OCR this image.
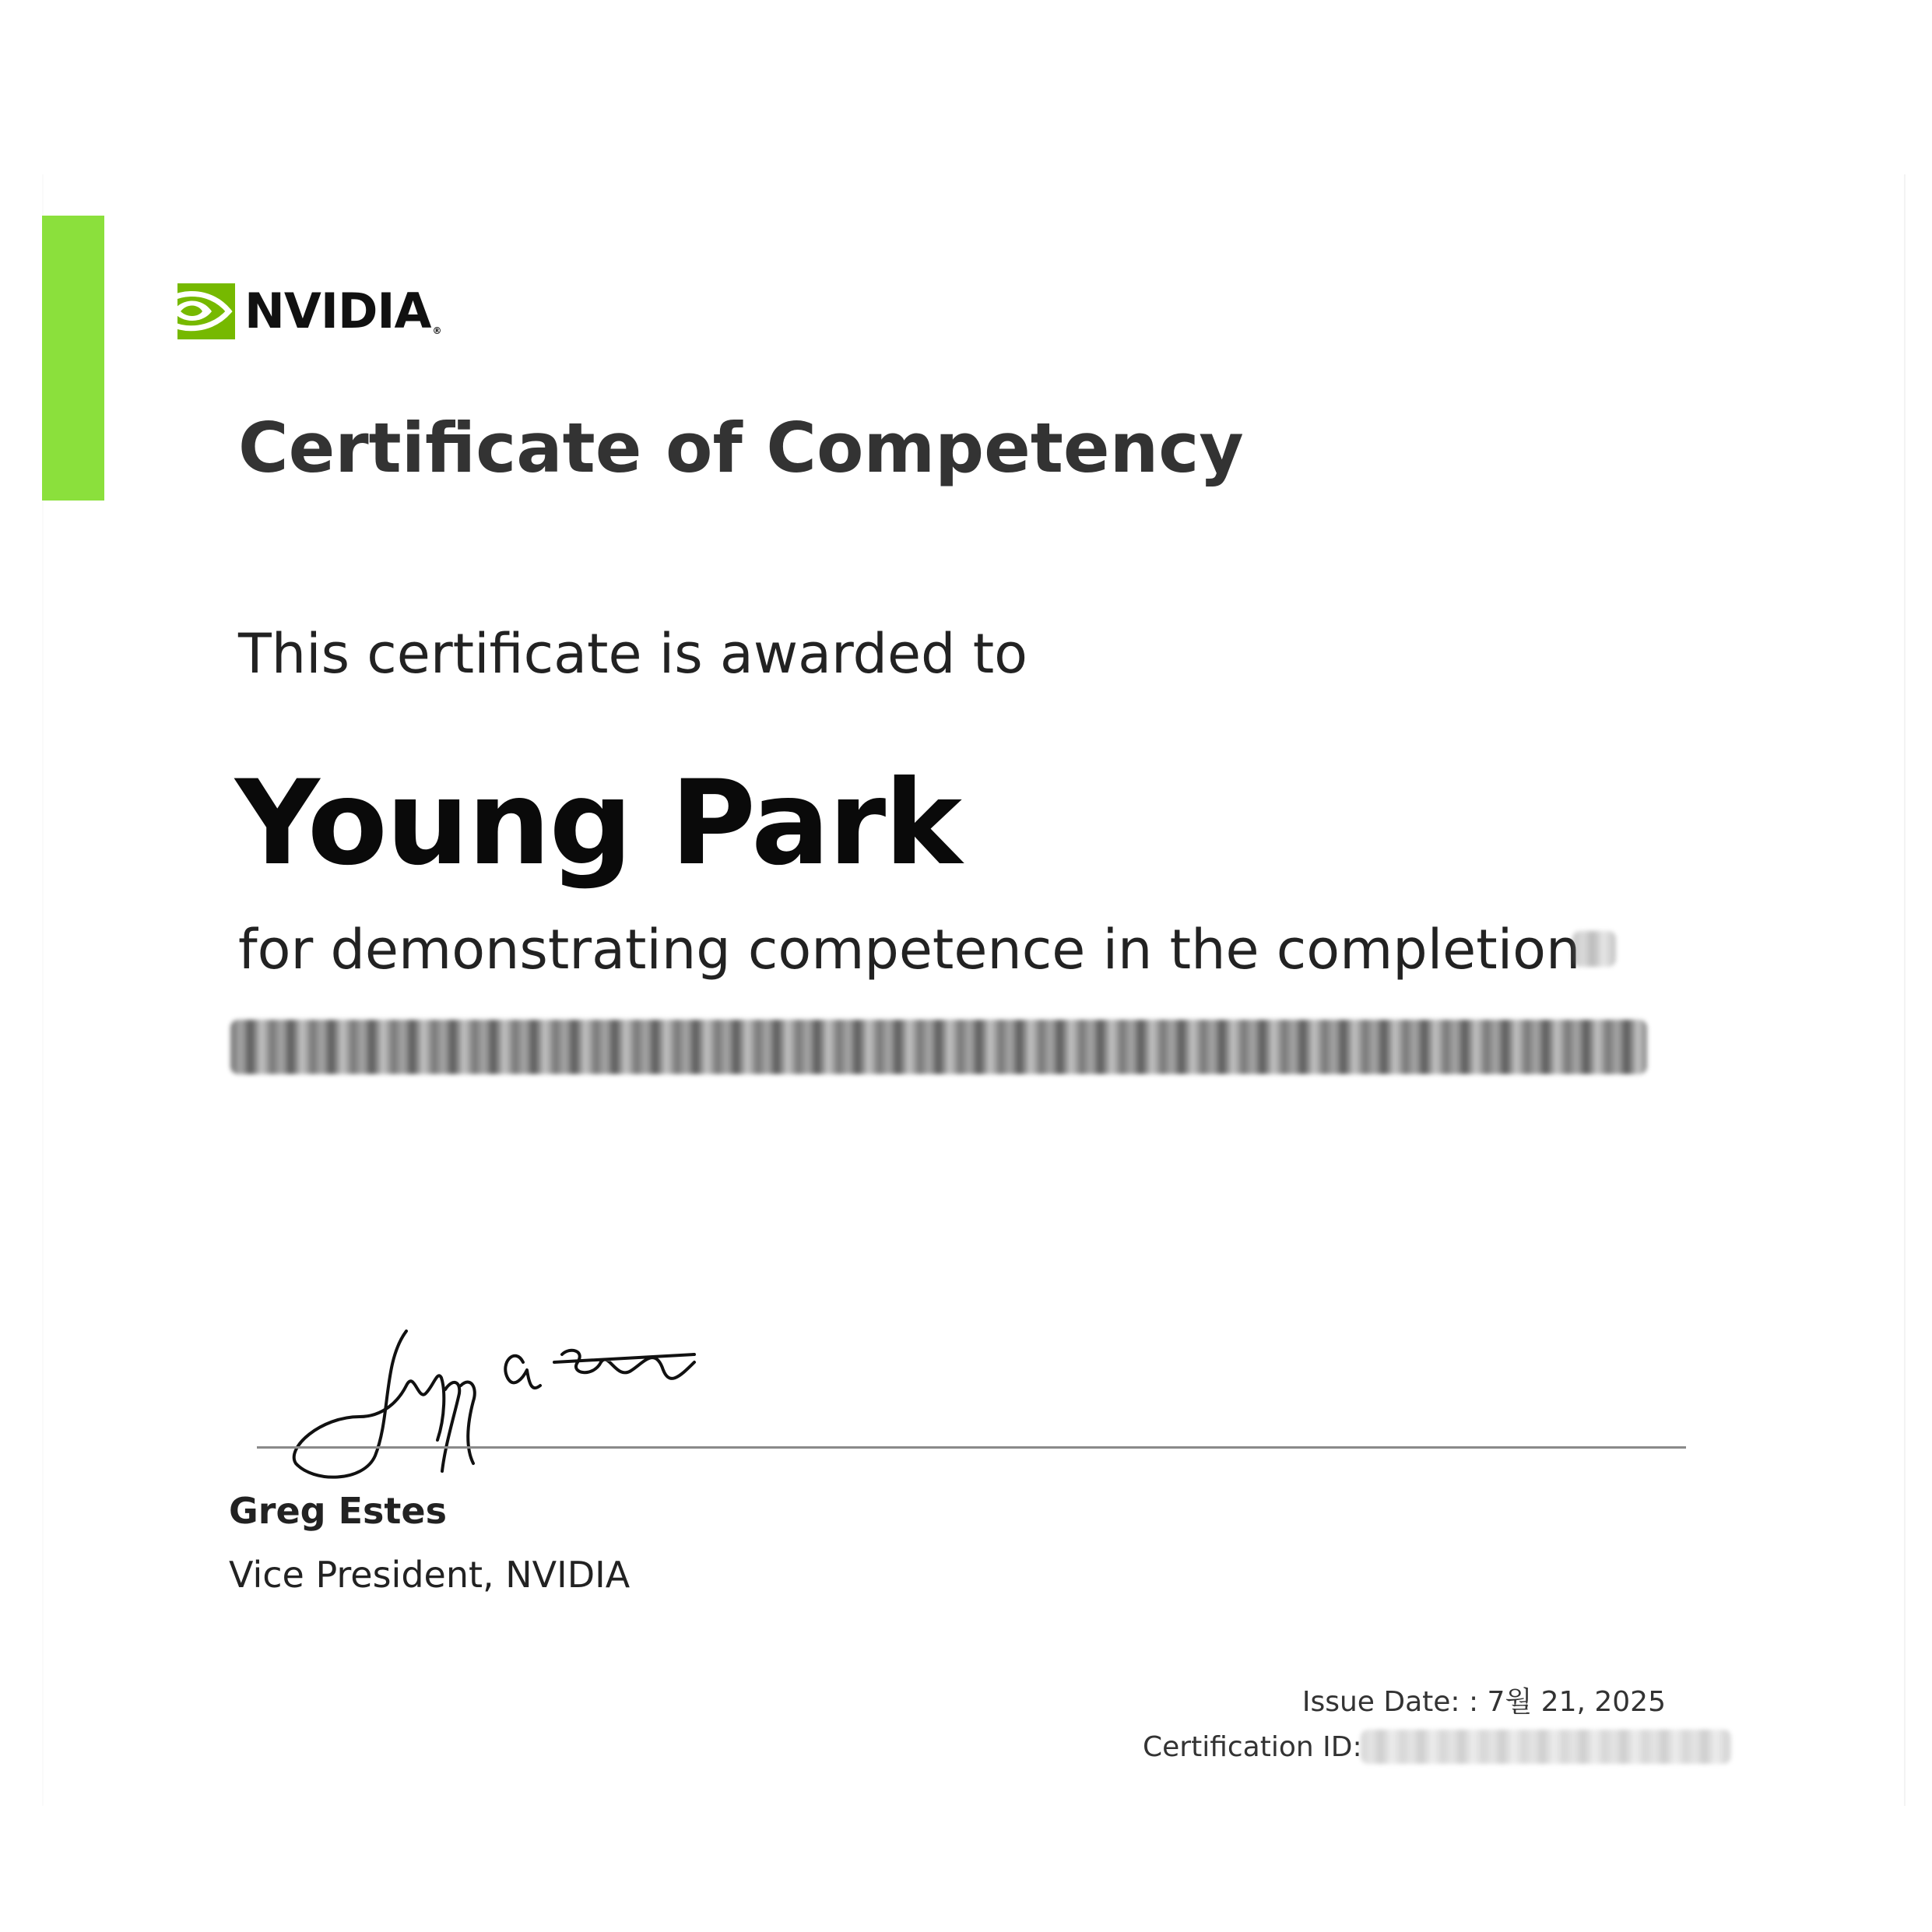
NVIDIA ®
Certificate of Competency
This certificate is awarded to
Young Park
for demonstrating competence in the completion
Greg Estes
Vice President, NVIDIA
Issue Date: : 7월 21, 2025
Certification ID:
